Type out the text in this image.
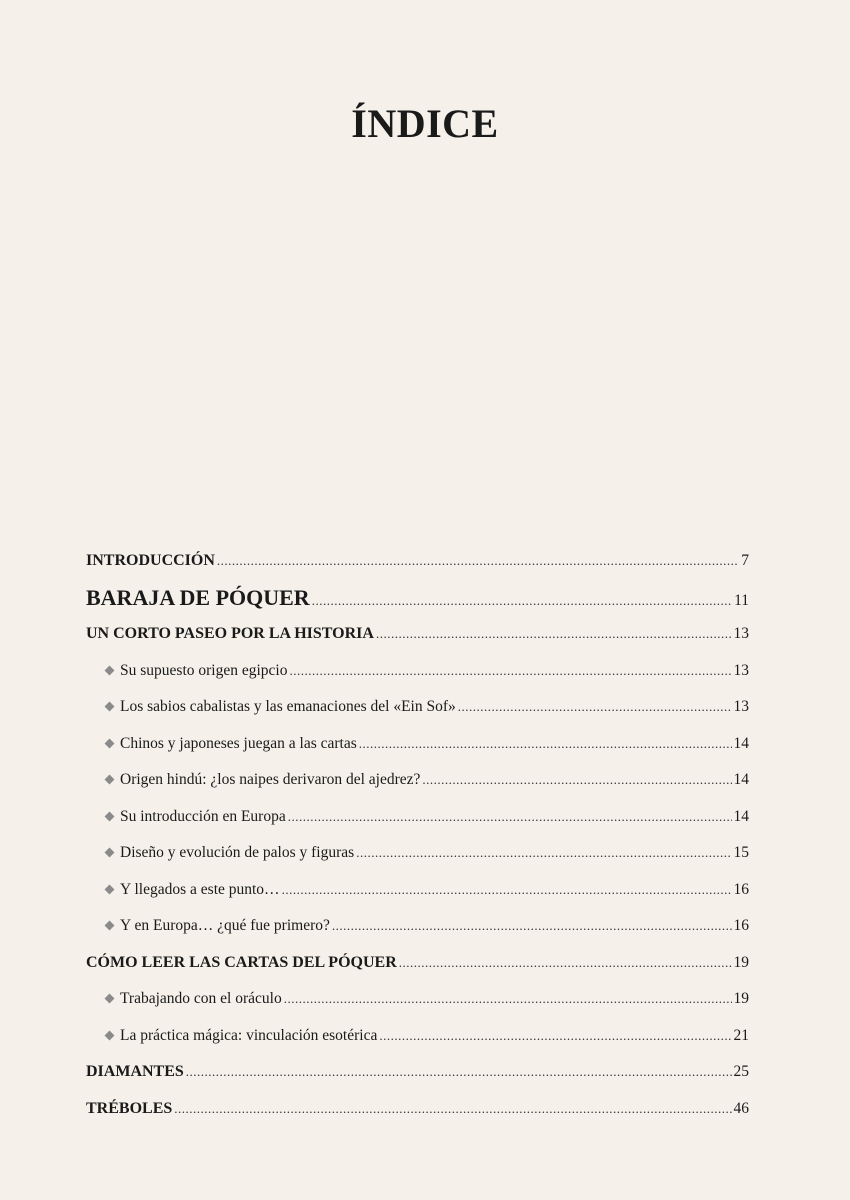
ÍNDICE
INTRODUCCIÓN .....	7
BARAJA DE PÓQUER .....	11
UN CORTO PASEO POR LA HISTORIA .....	13
Su supuesto origen egipcio .....	13
Los sabios cabalistas y las emanaciones del «Ein Sof» .....	13
Chinos y japoneses juegan a las cartas .....	14
Origen hindú: ¿los naipes derivaron del ajedrez? .....	14
Su introducción en Europa .....	14
Diseño y evolución de palos y figuras .....	15
Y llegados a este punto… .....	16
Y en Europa… ¿qué fue primero? .....	16
CÓMO LEER LAS CARTAS DEL PÓQUER .....	19
Trabajando con el oráculo .....	19
La práctica mágica: vinculación esotérica .....	21
DIAMANTES .....	25
TRÉBOLES .....	46
